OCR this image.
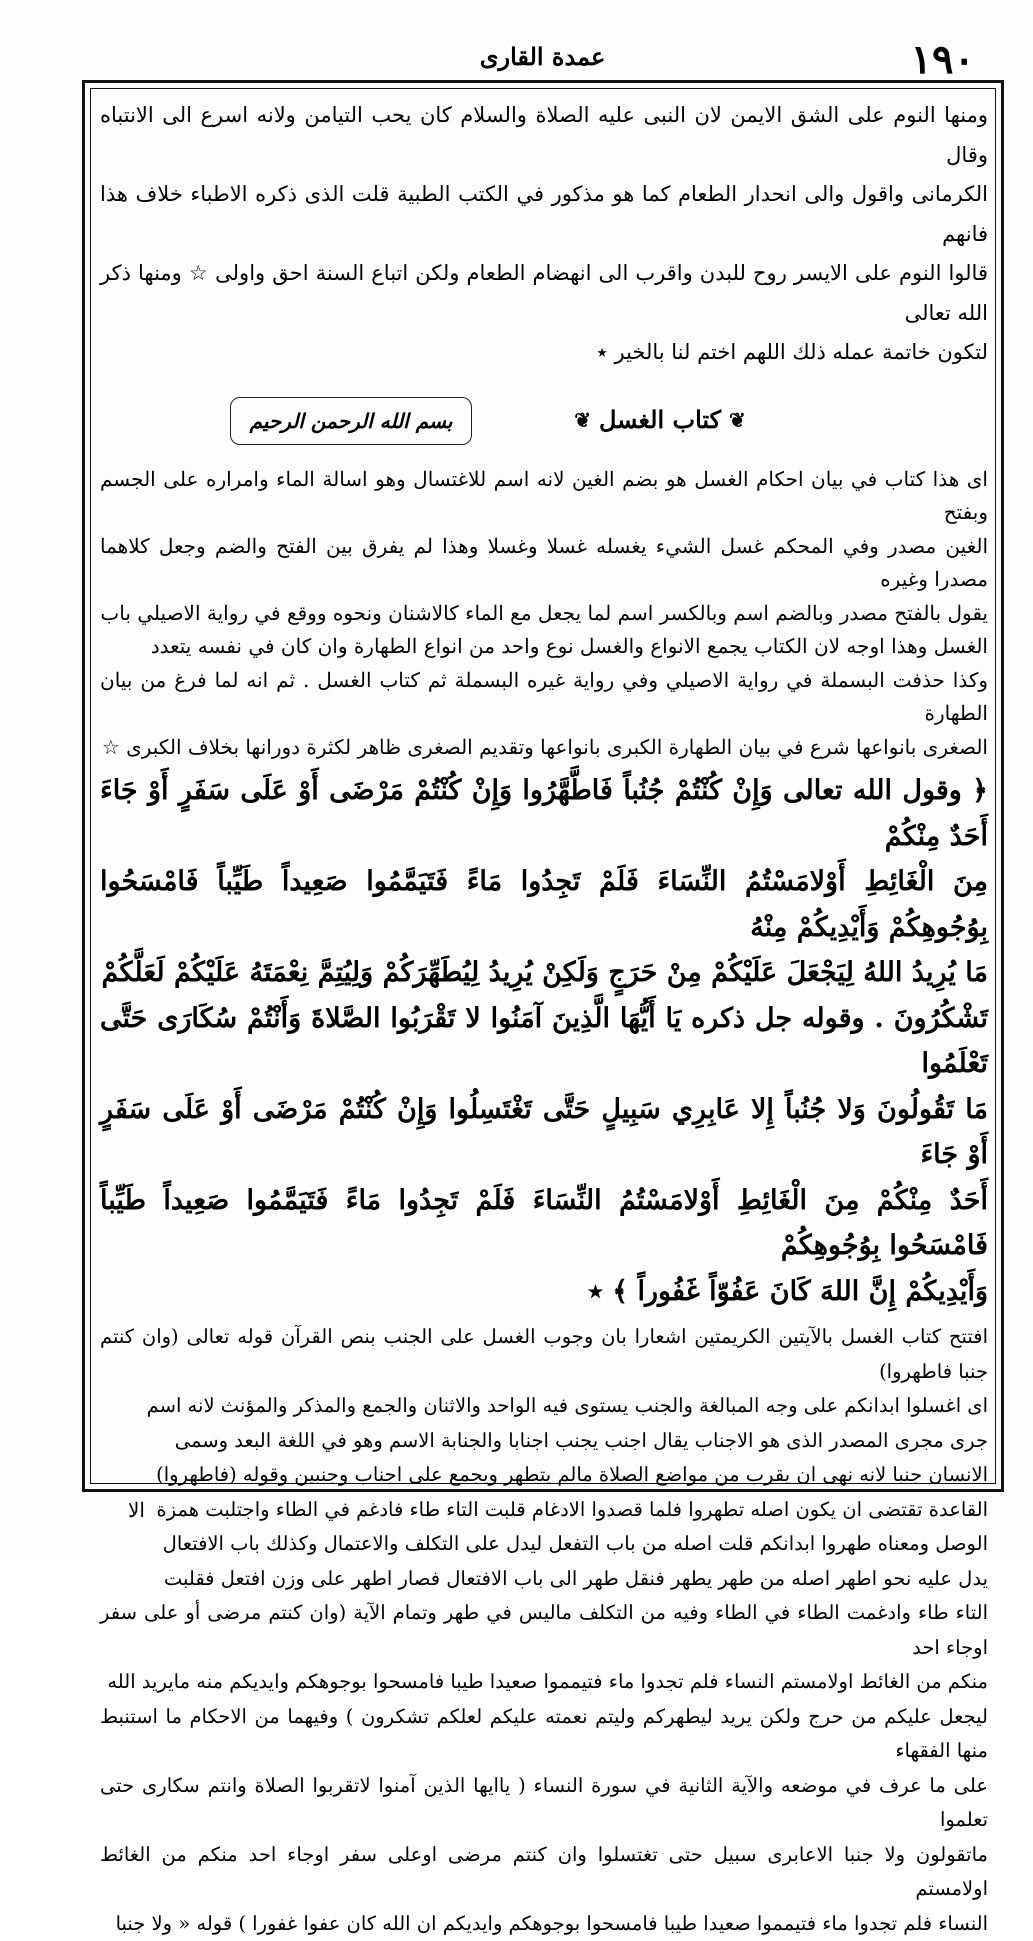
١٩٠
عمدة القارى

ومنها النوم على الشق الايمن لان النبى عليه الصلاة والسلام كان يحب التيامن ولانه اسرع الى الانتباه وقال

الكرمانى واقول والى انحدار الطعام كما هو مذكور في الكتب الطبية قلت الذى ذكره الاطباء خلاف هذا فانهم

قالوا النوم على الايسر روح للبدن واقرب الى انهضام الطعام ولكن اتباع السنة احق واولى ☆ ومنها ذكر الله تعالى

لتكون خاتمة عمله ذلك اللهم اختم لنا بالخير ٭

❦
كتاب الغسل
❦
بسم الله الرحمن الرحيم

اى هذا كتاب في بيان احكام الغسل هو بضم الغين لانه اسم للاغتسال وهو اسالة الماء وامراره على الجسم وبفتح

الغين مصدر وفي المحكم غسل الشيء يغسله غسلا وغسلا وهذا لم يفرق بين الفتح والضم وجعل كلاهما مصدرا وغيره

يقول بالفتح مصدر وبالضم اسم وبالكسر اسم لما يجعل مع الماء كالاشنان ونحوه ووقع في رواية الاصيلي باب

الغسل وهذا اوجه لان الكتاب يجمع الانواع والغسل نوع واحد من انواع الطهارة وان كان في نفسه يتعدد

وكذا حذفت البسملة في رواية الاصيلي وفي رواية غيره البسملة ثم كتاب الغسل . ثم انه لما فرغ من بيان الطهارة

الصغرى بانواعها شرع في بيان الطهارة الكبرى بانواعها وتقديم الصغرى ظاهر لكثرة دورانها بخلاف الكبرى ☆

﴿ وقول الله تعالى وَإِنْ كُنْتُمْ جُنُباً فَاطَّهَّرُوا وَإِنْ كُنْتُمْ مَرْضَى أَوْ عَلَى سَفَرٍ أَوْ جَاءَ أَحَدٌ مِنْكُمْ

مِنَ الْغَائِطِ أَوْلامَسْتُمُ النِّسَاءَ فَلَمْ تَجِدُوا مَاءً فَتَيَمَّمُوا صَعِيداً طَيِّباً فَامْسَحُوا بِوُجُوهِكُمْ وَأَيْدِيكُمْ مِنْهُ

مَا يُرِيدُ اللهُ لِيَجْعَلَ عَلَيْكُمْ مِنْ حَرَجٍ وَلَكِنْ يُرِيدُ لِيُطَهِّرَكُمْ وَلِيُتِمَّ نِعْمَتَهُ عَلَيْكُمْ لَعَلَّكُمْ

تَشْكُرُونَ . وقوله جل ذكره يَا أَيُّهَا الَّذِينَ آمَنُوا لا تَقْرَبُوا الصَّلاةَ وَأَنْتُمْ سُكَارَى حَتَّى تَعْلَمُوا

مَا تَقُولُونَ وَلا جُنُباً إِلا عَابِرِي سَبِيلٍ حَتَّى تَغْتَسِلُوا وَإِنْ كُنْتُمْ مَرْضَى أَوْ عَلَى سَفَرٍ أَوْ جَاءَ

أَحَدٌ مِنْكُمْ مِنَ الْغَائِطِ أَوْلامَسْتُمُ النِّسَاءَ فَلَمْ تَجِدُوا مَاءً فَتَيَمَّمُوا صَعِيداً طَيِّباً فَامْسَحُوا بِوُجُوهِكُمْ

وَأَيْدِيكُمْ إِنَّ اللهَ كَانَ عَفُوّاً غَفُوراً ﴾ ٭

افتتح كتاب الغسل بالآيتين الكريمتين اشعارا بان وجوب الغسل على الجنب بنص القرآن قوله تعالى (وان كنتم جنبا فاطهروا)

اى اغسلوا ابدانكم على وجه المبالغة والجنب يستوى فيه الواحد والاثنان والجمع والمذكر والمؤنث لانه اسم

جرى مجرى المصدر الذى هو الاجناب يقال اجنب يجنب اجنابا والجنابة الاسم وهو في اللغة البعد وسمى

الانسان جنبا لانه نهى ان يقرب من مواضع الصلاة مالم يتطهر ويجمع على اجناب وجنبين وقوله (فاطهروا)

القاعدة تقتضى ان يكون اصله تطهروا فلما قصدوا الادغام قلبت التاء طاء فادغم في الطاء واجتلبت همزة

الوصل ومعناه طهروا ابدانكم قلت اصله من باب التفعل ليدل على التكلف والاعتمال وكذلك باب الافتعال

يدل عليه نحو اطهر اصله من طهر يطهر فنقل طهر الى باب الافتعال فصار اطهر على وزن افتعل فقلبت

التاء طاء وادغمت الطاء في الطاء وفيه من التكلف ماليس في طهر وتمام الآية (وان كنتم مرضى أو على سفر اوجاء احد

منكم من الغائط اولامستم النساء فلم تجدوا ماء فتيمموا صعيدا طيبا فامسحوا بوجوهكم وايديكم منه مايريد الله

ليجعل عليكم من حرج ولكن يريد ليطهركم وليتم نعمته عليكم لعلكم تشكرون ) وفيهما من الاحكام ما استنبط منها الفقهاء

على ما عرف في موضعه والآية الثانية في سورة النساء ( ياايها الذين آمنوا لاتقربوا الصلاة وانتم سكارى حتى تعلموا

ماتقولون ولا جنبا الاعابرى سبيل حتى تغتسلوا وان كنتم مرضى اوعلى سفر اوجاء احد منكم من الغائط اولامستم

النساء فلم تجدوا ماء فتيمموا صعيدا طيبا فامسحوا بوجوهكم وايديكم ان الله كان عفوا غفورا ) قوله « ولا جنبا

الا
